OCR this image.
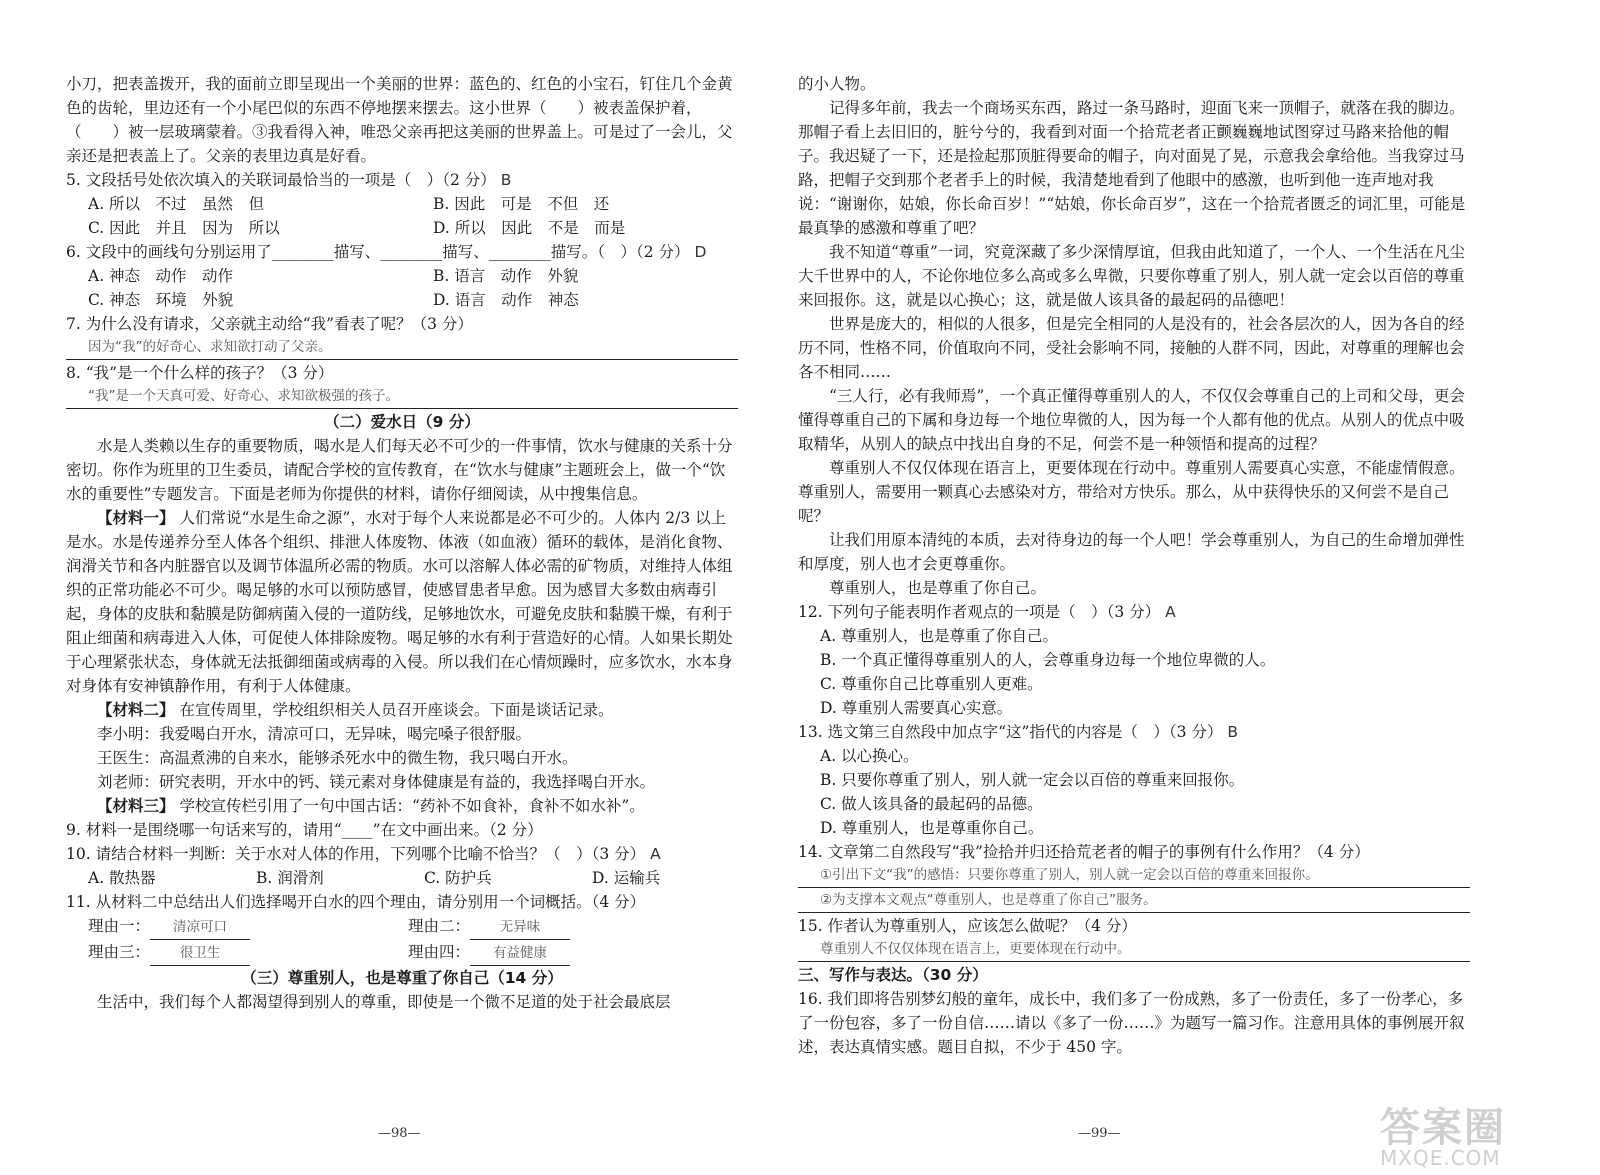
小刀，把表盖拨开，我的面前立即呈现出一个美丽的世界：蓝色的、红色的小宝石，钉住几个金黄色的齿轮，里边还有一个小尾巴似的东西不停地摆来摆去。这小世界（　　）被表盖保护着，（　　）被一层玻璃蒙着。③我看得入神，唯恐父亲再把这美丽的世界盖上。可是过了一会儿，父亲还是把表盖上了。父亲的表里边真是好看。

5. 文段括号处依次填入的关联词最恰当的一项是（　）（2 分） B

A. 所以　不过　虽然　但	B. 因此　可是　不但　还
C. 因此　并且　因为　所以	D. 所以　因此　不是　而是

6. 文段中的画线句分别运用了________描写、________描写、________描写。（　）（2 分） D

A. 神态　动作　动作	B. 语言　动作　外貌
C. 神态　环境　外貌	D. 语言　动作　神态

7. 为什么没有请求，父亲就主动给“我”看表了呢？（3 分）

因为“我”的好奇心、求知欲打动了父亲。

8. “我”是一个什么样的孩子？（3 分）

“我”是一个天真可爱、好奇心、求知欲极强的孩子。

（二）爱水日（9 分）

水是人类赖以生存的重要物质，喝水是人们每天必不可少的一件事情，饮水与健康的关系十分密切。你作为班里的卫生委员，请配合学校的宣传教育，在“饮水与健康”主题班会上，做一个“饮水的重要性”专题发言。下面是老师为你提供的材料，请你仔细阅读，从中搜集信息。

【材料一】 人们常说“水是生命之源”，水对于每个人来说都是必不可少的。人体内 2/3 以上是水。水是传递养分至人体各个组织、排泄人体废物、体液（如血液）循环的载体，是消化食物、润滑关节和各内脏器官以及调节体温所必需的物质。水可以溶解人体必需的矿物质，对维持人体组织的正常功能必不可少。喝足够的水可以预防感冒，使感冒患者早愈。因为感冒大多数由病毒引起，身体的皮肤和黏膜是防御病菌入侵的一道防线，足够地饮水，可避免皮肤和黏膜干燥，有利于阻止细菌和病毒进入人体，可促使人体排除废物。喝足够的水有利于营造好的心情。人如果长期处于心理紧张状态，身体就无法抵御细菌或病毒的入侵。所以我们在心情烦躁时，应多饮水，水本身对身体有安神镇静作用，有利于人体健康。

【材料二】 在宣传周里，学校组织相关人员召开座谈会。下面是谈话记录。

李小明：我爱喝白开水，清凉可口，无异味，喝完嗓子很舒服。

王医生：高温煮沸的自来水，能够杀死水中的微生物，我只喝白开水。

刘老师：研究表明，开水中的钙、镁元素对身体健康是有益的，我选择喝白开水。

【材料三】 学校宣传栏引用了一句中国古话：“药补不如食补，食补不如水补”。

9. 材料一是围绕哪一句话来写的，请用“____”在文中画出来。（2 分）

10. 请结合材料一判断：关于水对人体的作用，下列哪个比喻不恰当？（　）（3 分） A

A. 散热器	B. 润滑剂	C. 防护兵	D. 运输兵

11. 从材料二中总结出人们选择喝开白水的四个理由，请分别用一个词概括。（4 分）

理由一： 清凉可口	理由二： 无异味
理由三： 很卫生	理由四： 有益健康

（三）尊重别人，也是尊重了你自己（14 分）

生活中，我们每个人都渴望得到别人的尊重，即使是一个微不足道的处于社会最底层

—98—

的小人物。

记得多年前，我去一个商场买东西，路过一条马路时，迎面飞来一顶帽子，就落在我的脚边。那帽子看上去旧旧的，脏兮兮的，我看到对面一个拾荒老者正颤巍巍地试图穿过马路来拾他的帽子。我迟疑了一下，还是捡起那顶脏得要命的帽子，向对面晃了晃，示意我会拿给他。当我穿过马路，把帽子交到那个老者手上的时候，我清楚地看到了他眼中的感激，也听到他一连声地对我说：“谢谢你，姑娘，你长命百岁！”“姑娘，你长命百岁”，这在一个拾荒者匮乏的词汇里，可能是最真挚的感激和尊重了吧？

我不知道“尊重”一词，究竟深藏了多少深情厚谊，但我由此知道了，一个人、一个生活在凡尘大千世界中的人，不论你地位多么高或多么卑微，只要你尊重了别人，别人就一定会以百倍的尊重来回报你。这，就是以心换心；这，就是做人该具备的最起码的品德吧！

世界是庞大的，相似的人很多，但是完全相同的人是没有的，社会各层次的人，因为各自的经历不同，性格不同，价值取向不同，受社会影响不同，接触的人群不同，因此，对尊重的理解也会各不相同……

“三人行，必有我师焉”，一个真正懂得尊重别人的人，不仅仅会尊重自己的上司和父母，更会懂得尊重自己的下属和身边每一个地位卑微的人，因为每一个人都有他的优点。从别人的优点中吸取精华，从别人的缺点中找出自身的不足，何尝不是一种领悟和提高的过程？

尊重别人不仅仅体现在语言上，更要体现在行动中。尊重别人需要真心实意，不能虚情假意。尊重别人，需要用一颗真心去感染对方，带给对方快乐。那么，从中获得快乐的又何尝不是自己呢？

让我们用原本清纯的本质，去对待身边的每一个人吧！学会尊重别人，为自己的生命增加弹性和厚度，别人也才会更尊重你。

尊重别人，也是尊重了你自己。

12. 下列句子能表明作者观点的一项是（　）（3 分） A

A. 尊重别人，也是尊重了你自己。

B. 一个真正懂得尊重别人的人，会尊重身边每一个地位卑微的人。

C. 尊重你自己比尊重别人更难。

D. 尊重别人需要真心实意。

13. 选文第三自然段中加点字“这”指代的内容是（　）（3 分） B

A. 以心换心。

B. 只要你尊重了别人，别人就一定会以百倍的尊重来回报你。

C. 做人该具备的最起码的品德。

D. 尊重别人，也是尊重你自己。

14. 文章第二自然段写“我”捡拾并归还拾荒老者的帽子的事例有什么作用？（4 分）

①引出下文“我”的感悟：只要你尊重了别人，别人就一定会以百倍的尊重来回报你。
②为支撑本文观点“尊重别人，也是尊重了你自己”服务。

15. 作者认为尊重别人，应该怎么做呢？（4 分）

尊重别人不仅仅体现在语言上，更要体现在行动中。

三、写作与表达。（30 分）

16. 我们即将告别梦幻般的童年，成长中，我们多了一份成熟，多了一份责任，多了一份孝心，多了一份包容，多了一份自信……请以《多了一份……》为题写一篇习作。注意用具体的事例展开叙述，表达真情实感。题目自拟，不少于 450 字。

—99—	答案圈
MXQE.COM
